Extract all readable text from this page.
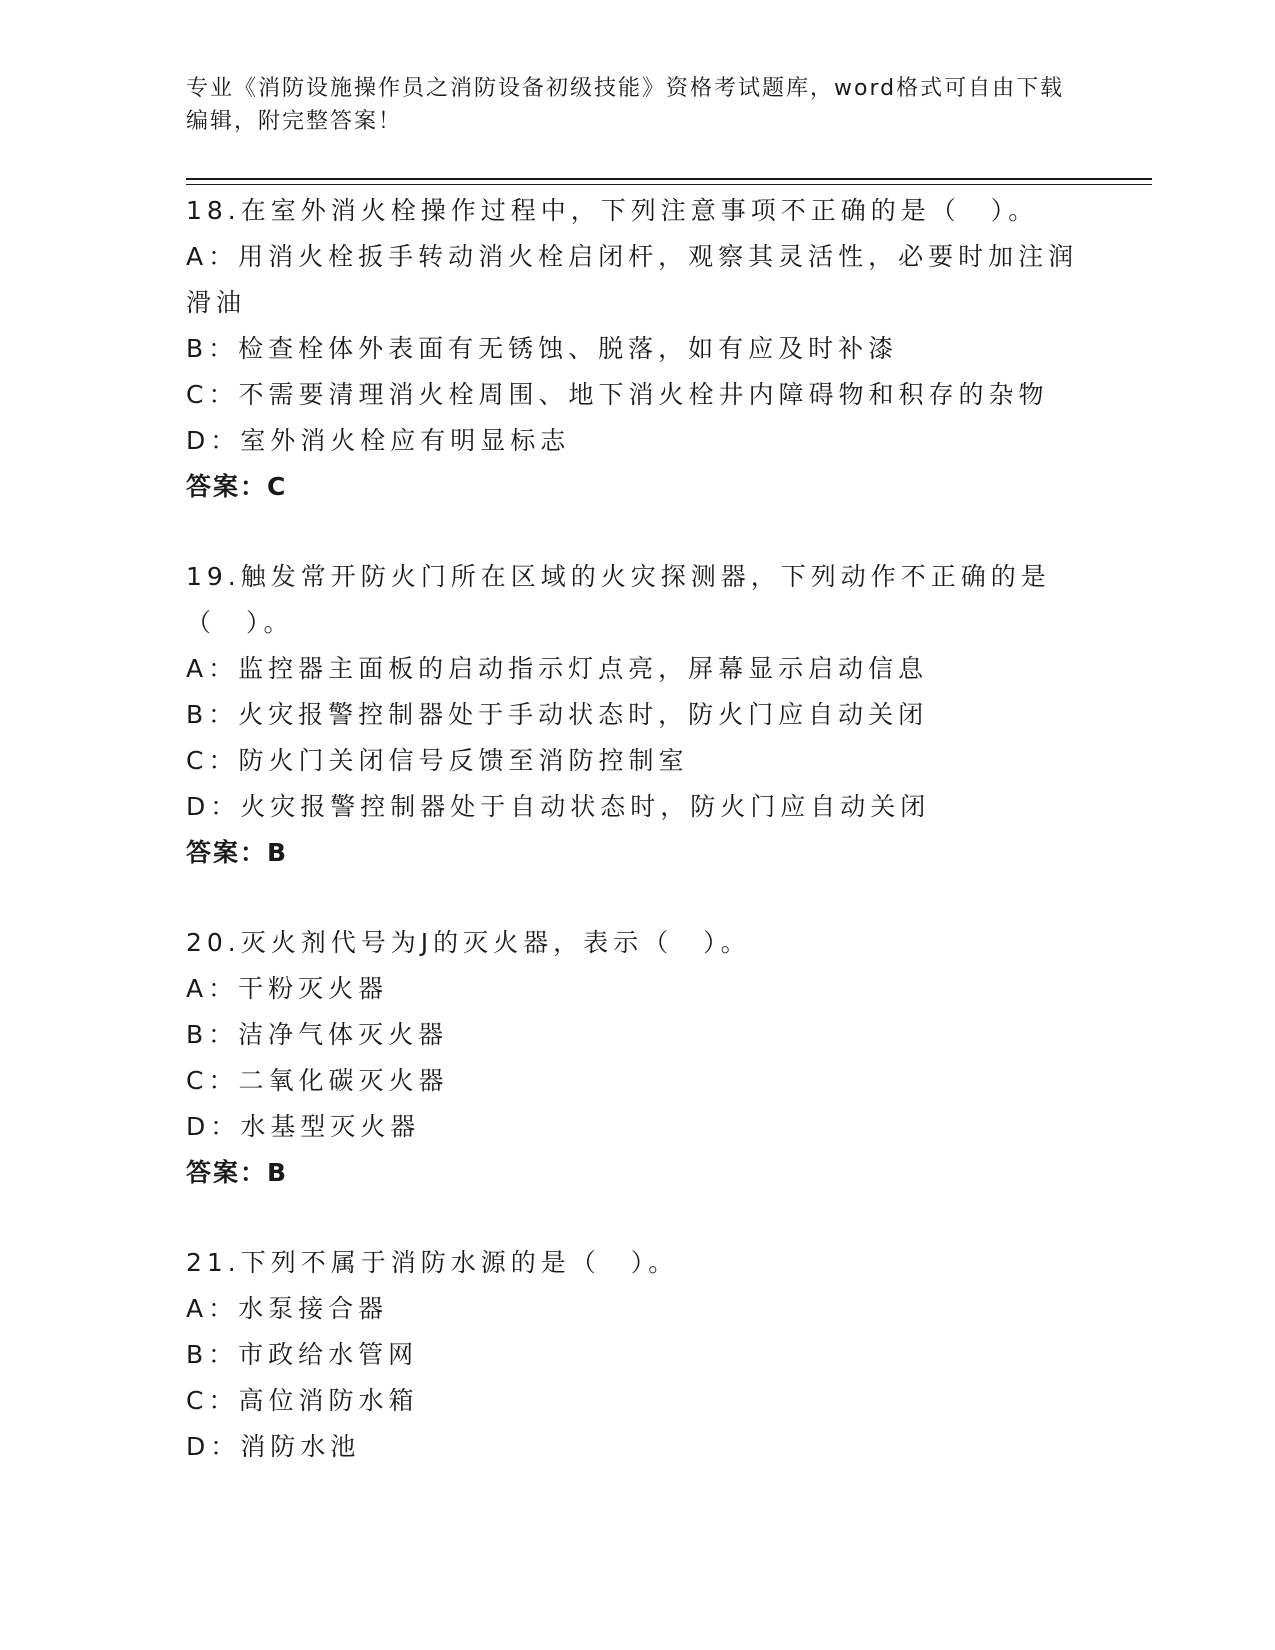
专业《消防设施操作员之消防设备初级技能》资格考试题库，word格式可自由下载编辑，附完整答案！
18.在室外消火栓操作过程中，下列注意事项不正确的是（　）。
A：用消火栓扳手转动消火栓启闭杆，观察其灵活性，必要时加注润滑油
B：检查栓体外表面有无锈蚀、脱落，如有应及时补漆
C：不需要清理消火栓周围、地下消火栓井内障碍物和积存的杂物
D：室外消火栓应有明显标志
答案：C
19.触发常开防火门所在区域的火灾探测器，下列动作不正确的是（　）。
A：监控器主面板的启动指示灯点亮，屏幕显示启动信息
B：火灾报警控制器处于手动状态时，防火门应自动关闭
C：防火门关闭信号反馈至消防控制室
D：火灾报警控制器处于自动状态时，防火门应自动关闭
答案：B
20.灭火剂代号为J的灭火器，表示（　）。
A：干粉灭火器
B：洁净气体灭火器
C：二氧化碳灭火器
D：水基型灭火器
答案：B
21.下列不属于消防水源的是（　）。
A：水泵接合器
B：市政给水管网
C：高位消防水箱
D：消防水池
